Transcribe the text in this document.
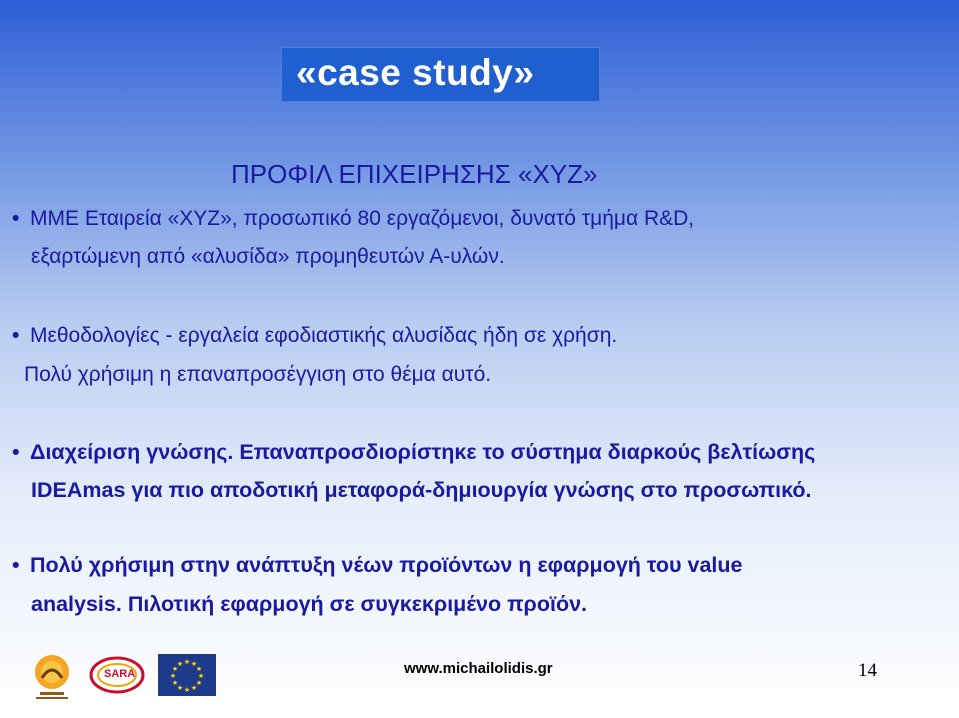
«case study»
ΠΡΟΦΙΛ ΕΠΙΧΕΙΡΗΣΗΣ «XYZ»
• ΜΜΕ Εταιρεία «XYZ», προσωπικό 80 εργαζόμενοι, δυνατό τμήμα R&D,
εξαρτώμενη από «αλυσίδα» προμηθευτών Α-υλών.
• Μεθοδολογίες - εργαλεία εφοδιαστικής αλυσίδας ήδη σε χρήση.
Πολύ χρήσιμη η επαναπροσέγγιση στο θέμα αυτό.
• Διαχείριση γνώσης. Επαναπροσδιορίστηκε το σύστημα διαρκούς βελτίωσης
IDEAmas για πιο αποδοτική μεταφορά-δημιουργία γνώσης στο προσωπικό.
• Πολύ χρήσιμη στην ανάπτυξη νέων προϊόντων η εφαρμογή του value
analysis. Πιλοτική εφαρμογή σε συγκεκριμένο προϊόν.
SARA
★ ★
★
★
★
★
★
★
★
★
★
★	www.michailolidis.gr	14
